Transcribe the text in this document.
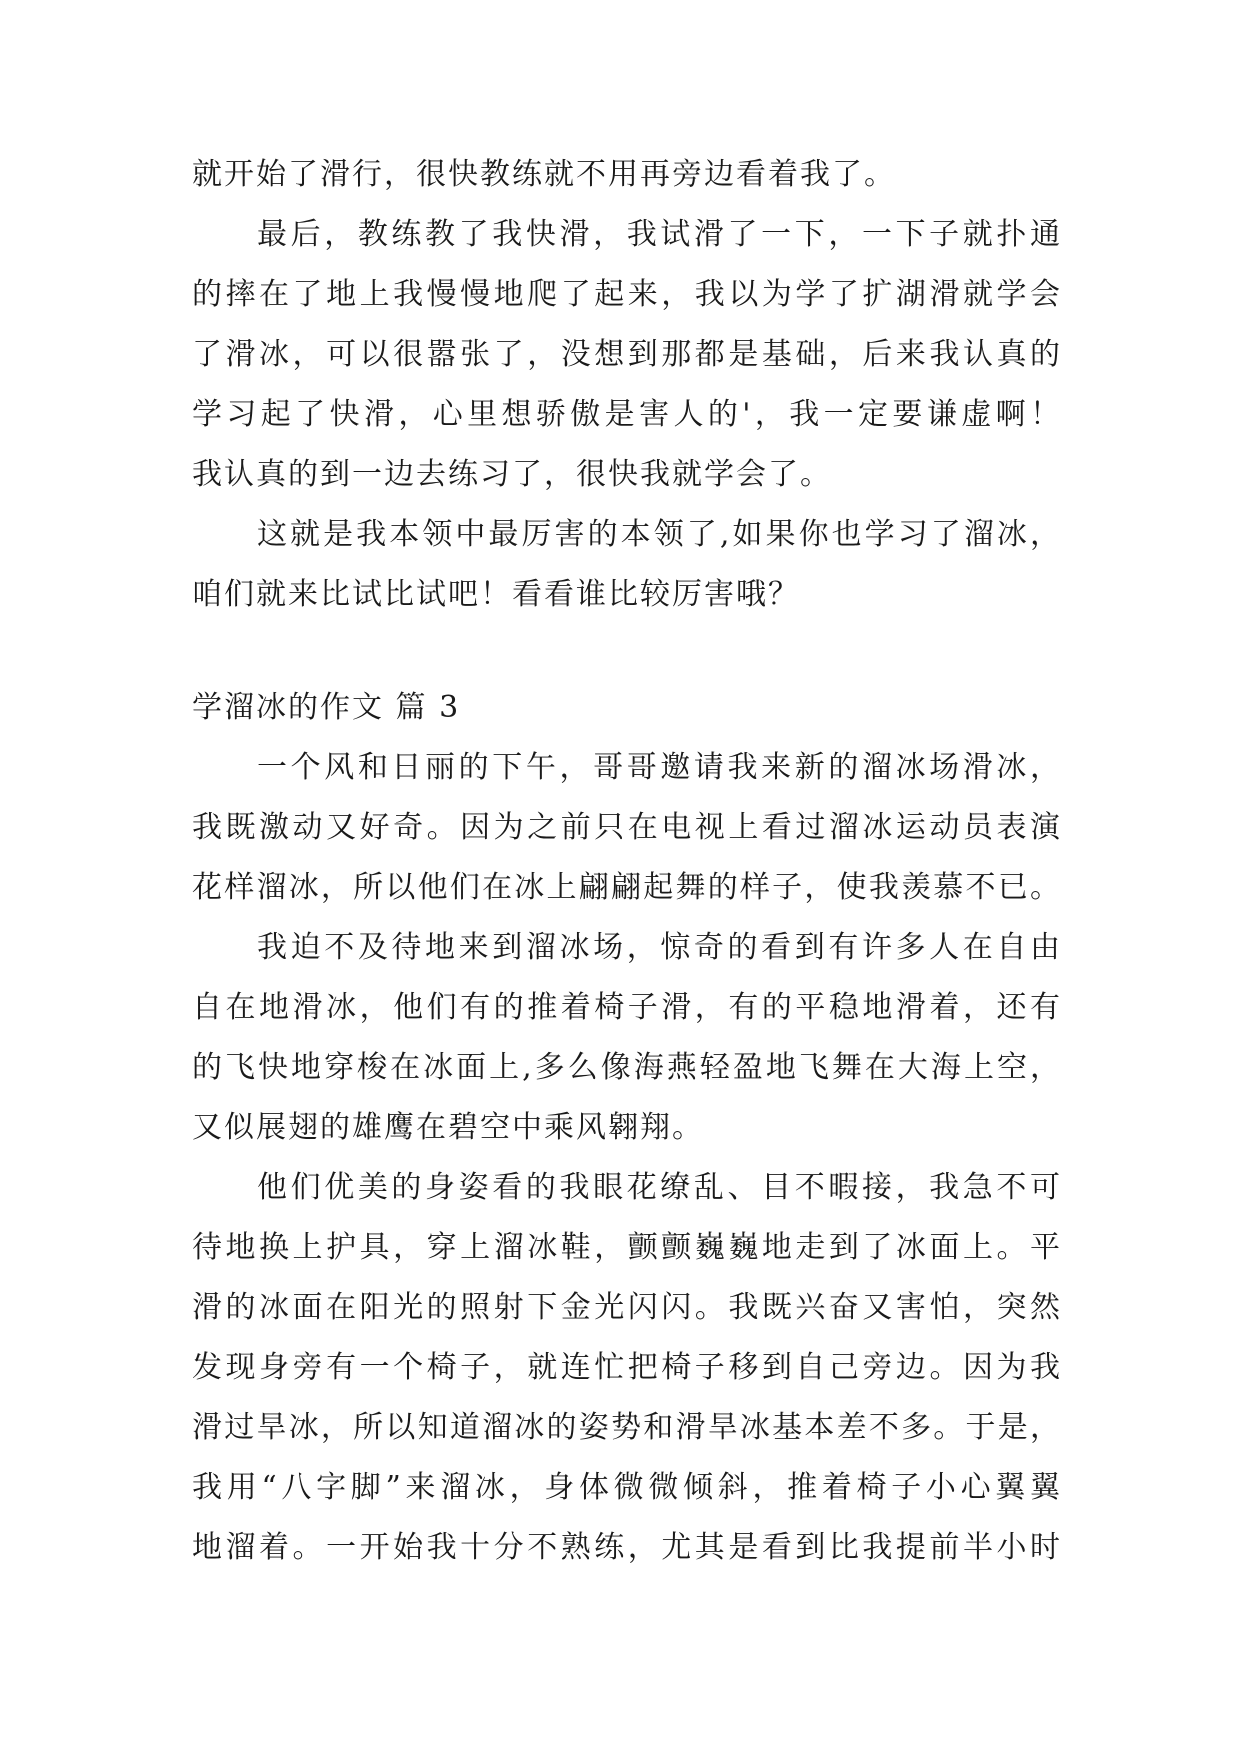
就开始了滑行，很快教练就不用再旁边看着我了。
最后，教练教了我快滑，我试滑了一下，一下子就扑通
的摔在了地上我慢慢地爬了起来，我以为学了扩湖滑就学会
了滑冰，可以很嚣张了，没想到那都是基础，后来我认真的
学习起了快滑，心里想骄傲是害人的'，我一定要谦虚啊！
我认真的到一边去练习了，很快我就学会了。
这就是我本领中最厉害的本领了,如果你也学习了溜冰，
咱们就来比试比试吧！看看谁比较厉害哦？
学溜冰的作文 篇 3
一个风和日丽的下午，哥哥邀请我来新的溜冰场滑冰，
我既激动又好奇。因为之前只在电视上看过溜冰运动员表演
花样溜冰，所以他们在冰上翩翩起舞的样子，使我羡慕不已。
我迫不及待地来到溜冰场，惊奇的看到有许多人在自由
自在地滑冰，他们有的推着椅子滑，有的平稳地滑着，还有
的飞快地穿梭在冰面上,多么像海燕轻盈地飞舞在大海上空，
又似展翅的雄鹰在碧空中乘风翱翔。
他们优美的身姿看的我眼花缭乱、目不暇接，我急不可
待地换上护具，穿上溜冰鞋，颤颤巍巍地走到了冰面上。平
滑的冰面在阳光的照射下金光闪闪。我既兴奋又害怕，突然
发现身旁有一个椅子，就连忙把椅子移到自己旁边。因为我
滑过旱冰，所以知道溜冰的姿势和滑旱冰基本差不多。于是，
我用“八字脚”来溜冰，身体微微倾斜，推着椅子小心翼翼
地溜着。一开始我十分不熟练，尤其是看到比我提前半小时
